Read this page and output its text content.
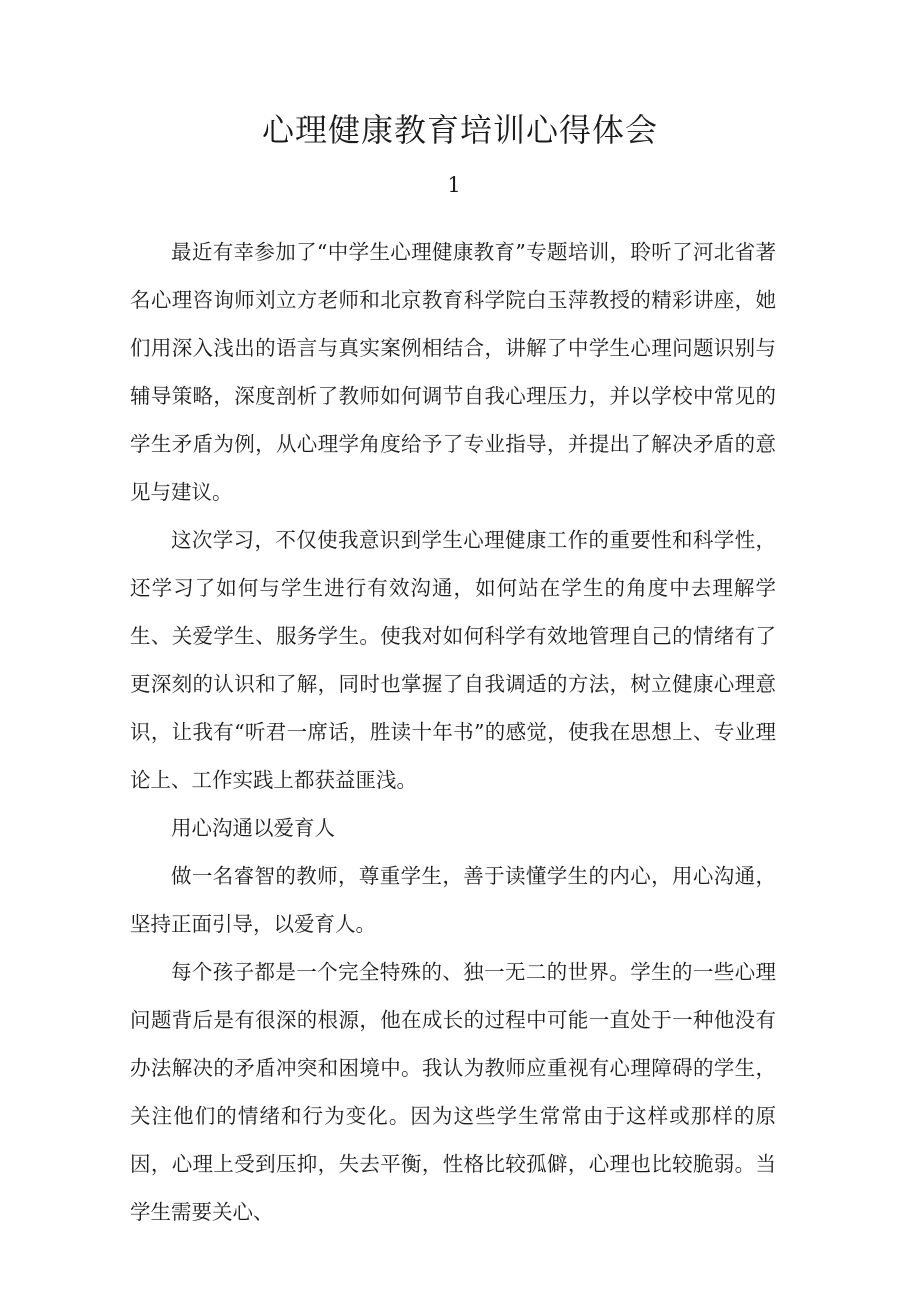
心理健康教育培训心得体会
1

最近有幸参加了“中学生心理健康教育”专题培训，聆听了河北省著名心理咨询师刘立方老师和北京教育科学院白玉萍教授的精彩讲座，她们用深入浅出的语言与真实案例相结合，讲解了中学生心理问题识别与辅导策略，深度剖析了教师如何调节自我心理压力，并以学校中常见的学生矛盾为例，从心理学角度给予了专业指导，并提出了解决矛盾的意见与建议。

这次学习，不仅使我意识到学生心理健康工作的重要性和科学性，还学习了如何与学生进行有效沟通，如何站在学生的角度中去理解学生、关爱学生、服务学生。使我对如何科学有效地管理自己的情绪有了更深刻的认识和了解，同时也掌握了自我调适的方法，树立健康心理意识，让我有“听君一席话，胜读十年书”的感觉，使我在思想上、专业理论上、工作实践上都获益匪浅。

用心沟通以爱育人

做一名睿智的教师，尊重学生，善于读懂学生的内心，用心沟通，坚持正面引导，以爱育人。

每个孩子都是一个完全特殊的、独一无二的世界。学生的一些心理问题背后是有很深的根源，他在成长的过程中可能一直处于一种他没有办法解决的矛盾冲突和困境中。我认为教师应重视有心理障碍的学生，关注他们的情绪和行为变化。因为这些学生常常由于这样或那样的原因，心理上受到压抑，失去平衡，性格比较孤僻，心理也比较脆弱。当学生需要关心、
